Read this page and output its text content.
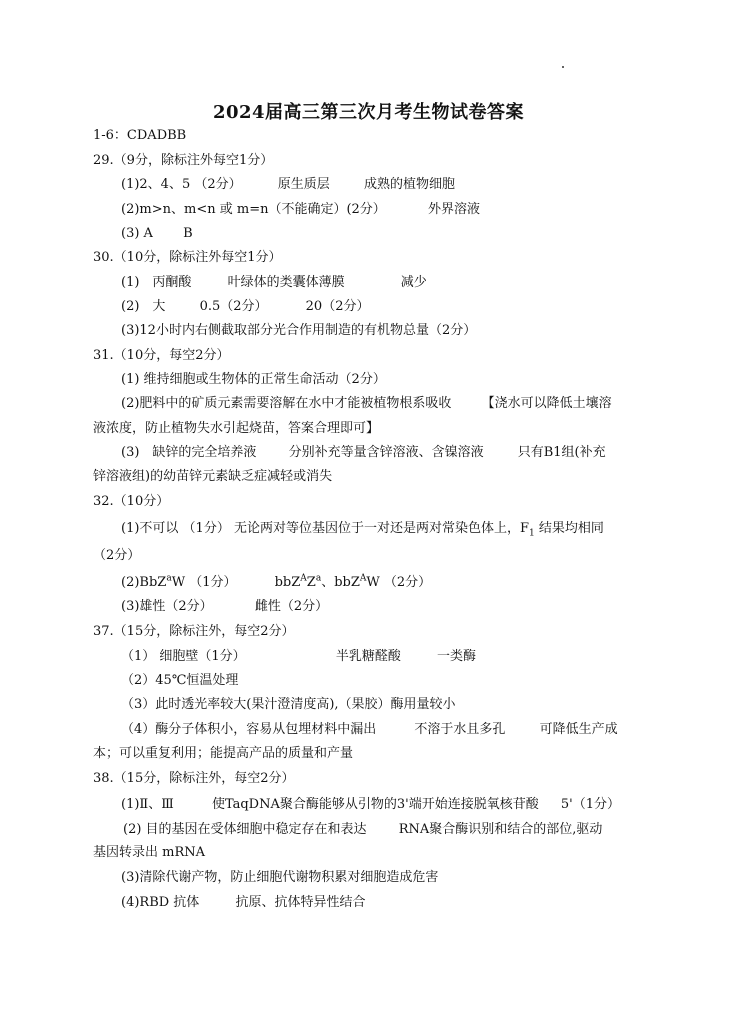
2024届高三第三次月考生物试卷答案
1-6：CDADBB
29.（9分，除标注外每空1分）
(1)2、4、5 （2分）	原生质层	成熟的植物细胞
(2)m>n、m<n 或 m=n（不能确定）(2分）	外界溶液
(3) A B
30.（10分，除标注外每空1分）
(1)　丙酮酸	叶绿体的类囊体薄膜	减少
(2)　大	0.5（2分）	20（2分）
(3)12小时内右侧截取部分光合作用制造的有机物总量（2分）
31.（10分，每空2分）
(1) 维持细胞或生物体的正常生命活动（2分）
(2)肥料中的矿质元素需要溶解在水中才能被植物根系吸收 【浇水可以降低土壤溶
液浓度，防止植物失水引起烧苗，答案合理即可】
(3)　缺锌的完全培养液 分别补充等量含锌溶液、含镍溶液	只有B1组(补充
锌溶液组)的幼苗锌元素缺乏症减轻或消失
32.（10分）
(1)不可以 （1分） 无论两对等位基因位于一对还是两对常染色体上，$F_1$ 结果均相同
（2分）
(2)BbZ$^a$W （1分）	$bbZ^AZ^a$、bbZ$^A$W （2分）
(3)雄性（2分）	雌性（2分）
37.（15分，除标注外，每空2分）
（1） 细胞壁（1分）	半乳糖醛酸	一类酶
（2）45℃恒温处理
（3）此时透光率较大(果汁澄清度高),（果胶）酶用量较小
（4）酶分子体积小，容易从包埋材料中漏出	不溶于水且多孔	可降低生产成
本；可以重复利用；能提高产品的质量和产量
38.（15分，除标注外，每空2分）
(1)Ⅱ、Ⅲ	使TaqDNA聚合酶能够从引物的3'端开始连接脱氧核苷酸 5'（1分）
(2) 目的基因在受体细胞中稳定存在和表达 RNA聚合酶识别和结合的部位,驱动
基因转录出 mRNA
(3)清除代谢产物，防止细胞代谢物积累对细胞造成危害
(4)RBD 抗体	抗原、抗体特异性结合
